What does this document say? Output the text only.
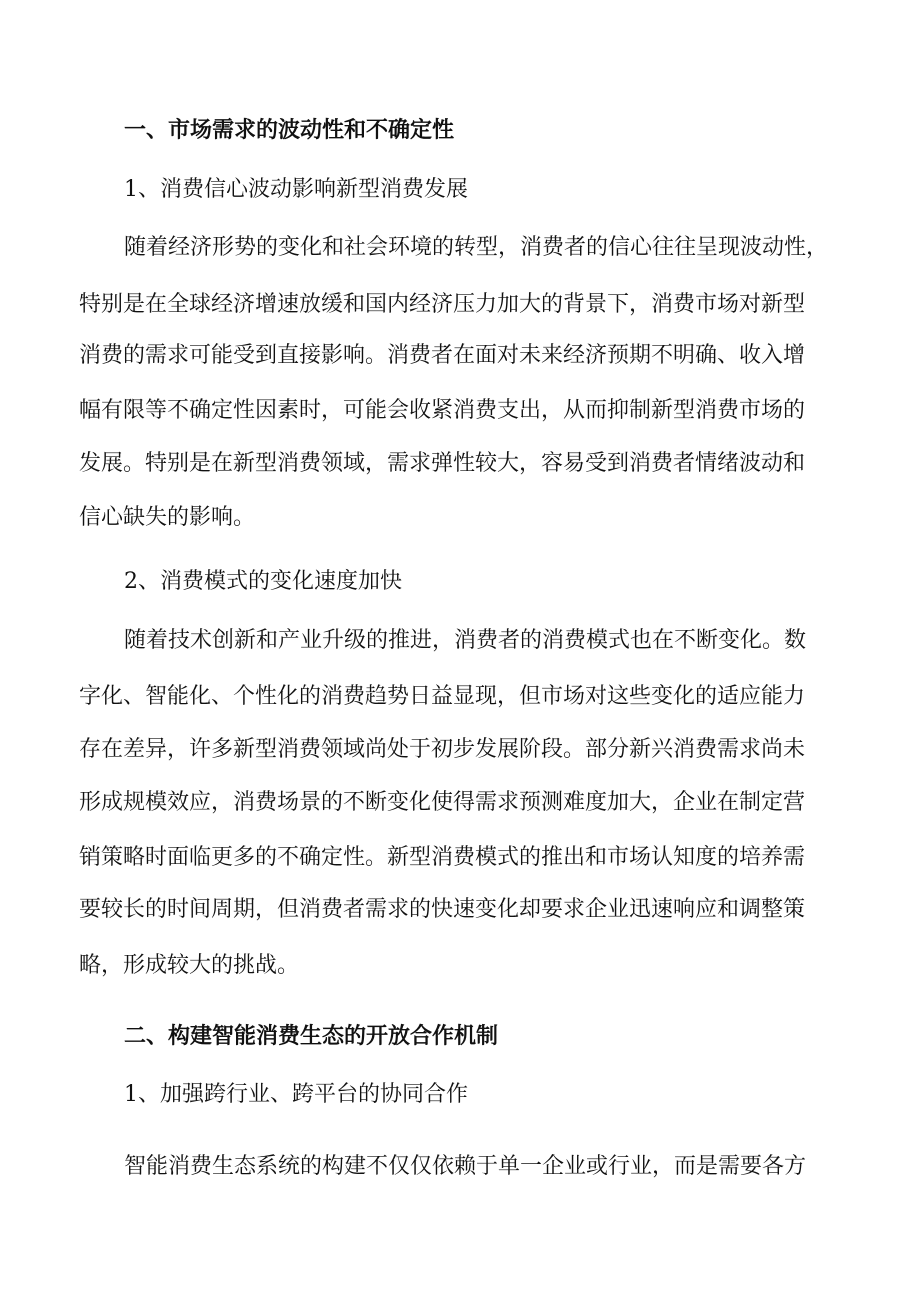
一、市场需求的波动性和不确定性
1、消费信心波动影响新型消费发展
随着经济形势的变化和社会环境的转型，消费者的信心往往呈现波动性，
特别是在全球经济增速放缓和国内经济压力加大的背景下，消费市场对新型
消费的需求可能受到直接影响。消费者在面对未来经济预期不明确、收入增
幅有限等不确定性因素时，可能会收紧消费支出，从而抑制新型消费市场的
发展。特别是在新型消费领域，需求弹性较大，容易受到消费者情绪波动和
信心缺失的影响。
2、消费模式的变化速度加快
随着技术创新和产业升级的推进，消费者的消费模式也在不断变化。数
字化、智能化、个性化的消费趋势日益显现，但市场对这些变化的适应能力
存在差异，许多新型消费领域尚处于初步发展阶段。部分新兴消费需求尚未
形成规模效应，消费场景的不断变化使得需求预测难度加大，企业在制定营
销策略时面临更多的不确定性。新型消费模式的推出和市场认知度的培养需
要较长的时间周期，但消费者需求的快速变化却要求企业迅速响应和调整策
略，形成较大的挑战。
二、构建智能消费生态的开放合作机制
1、加强跨行业、跨平台的协同合作
智能消费生态系统的构建不仅仅依赖于单一企业或行业，而是需要各方
